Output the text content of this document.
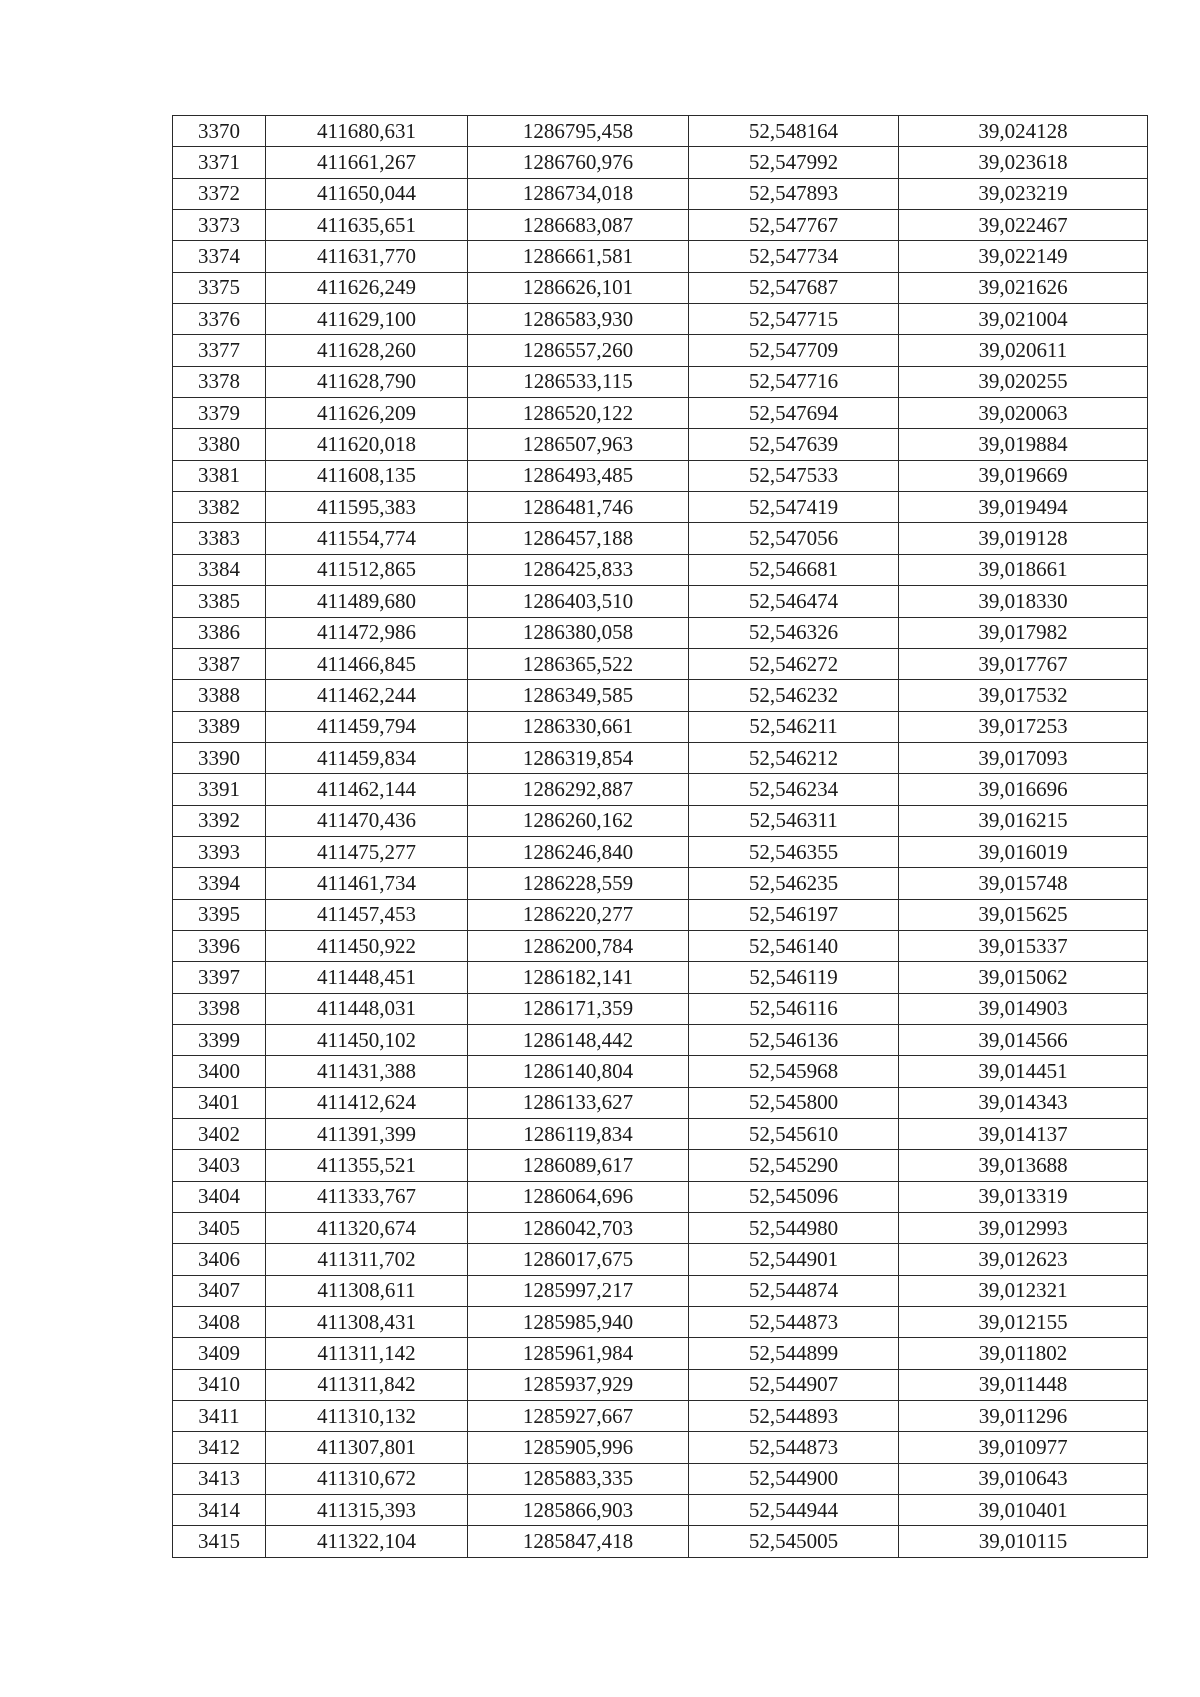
3370	411680,631	1286795,458	52,548164	39,024128
3371	411661,267	1286760,976	52,547992	39,023618
3372	411650,044	1286734,018	52,547893	39,023219
3373	411635,651	1286683,087	52,547767	39,022467
3374	411631,770	1286661,581	52,547734	39,022149
3375	411626,249	1286626,101	52,547687	39,021626
3376	411629,100	1286583,930	52,547715	39,021004
3377	411628,260	1286557,260	52,547709	39,020611
3378	411628,790	1286533,115	52,547716	39,020255
3379	411626,209	1286520,122	52,547694	39,020063
3380	411620,018	1286507,963	52,547639	39,019884
3381	411608,135	1286493,485	52,547533	39,019669
3382	411595,383	1286481,746	52,547419	39,019494
3383	411554,774	1286457,188	52,547056	39,019128
3384	411512,865	1286425,833	52,546681	39,018661
3385	411489,680	1286403,510	52,546474	39,018330
3386	411472,986	1286380,058	52,546326	39,017982
3387	411466,845	1286365,522	52,546272	39,017767
3388	411462,244	1286349,585	52,546232	39,017532
3389	411459,794	1286330,661	52,546211	39,017253
3390	411459,834	1286319,854	52,546212	39,017093
3391	411462,144	1286292,887	52,546234	39,016696
3392	411470,436	1286260,162	52,546311	39,016215
3393	411475,277	1286246,840	52,546355	39,016019
3394	411461,734	1286228,559	52,546235	39,015748
3395	411457,453	1286220,277	52,546197	39,015625
3396	411450,922	1286200,784	52,546140	39,015337
3397	411448,451	1286182,141	52,546119	39,015062
3398	411448,031	1286171,359	52,546116	39,014903
3399	411450,102	1286148,442	52,546136	39,014566
3400	411431,388	1286140,804	52,545968	39,014451
3401	411412,624	1286133,627	52,545800	39,014343
3402	411391,399	1286119,834	52,545610	39,014137
3403	411355,521	1286089,617	52,545290	39,013688
3404	411333,767	1286064,696	52,545096	39,013319
3405	411320,674	1286042,703	52,544980	39,012993
3406	411311,702	1286017,675	52,544901	39,012623
3407	411308,611	1285997,217	52,544874	39,012321
3408	411308,431	1285985,940	52,544873	39,012155
3409	411311,142	1285961,984	52,544899	39,011802
3410	411311,842	1285937,929	52,544907	39,011448
3411	411310,132	1285927,667	52,544893	39,011296
3412	411307,801	1285905,996	52,544873	39,010977
3413	411310,672	1285883,335	52,544900	39,010643
3414	411315,393	1285866,903	52,544944	39,010401
3415	411322,104	1285847,418	52,545005	39,010115
